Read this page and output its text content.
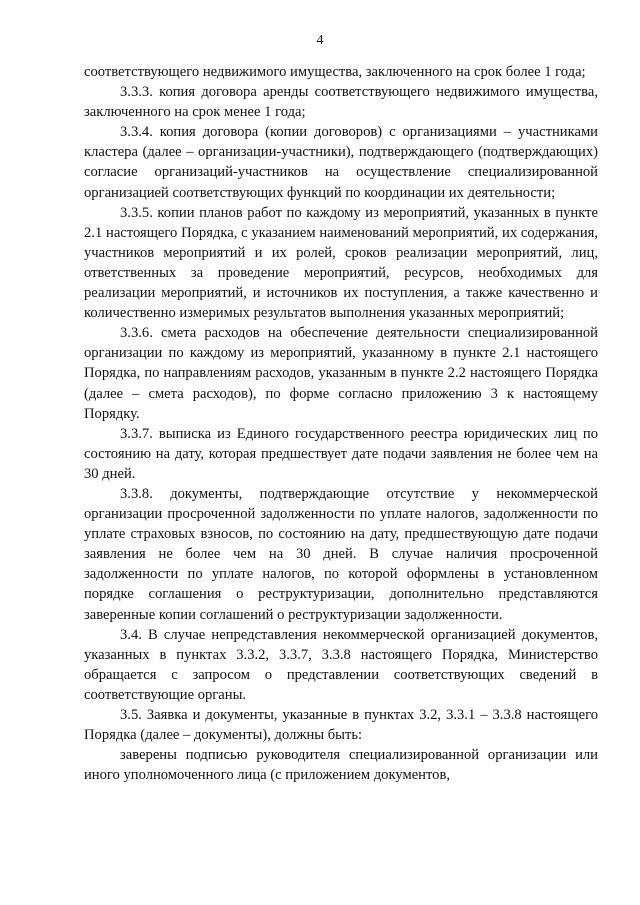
4

соответствующего недвижимого имущества, заключенного на срок более 1 года;

3.3.3. копия договора аренды соответствующего недвижимого имущества, заключенного на срок менее 1 года;

3.3.4. копия договора (копии договоров) с организациями – участниками кластера (далее – организации-участники), подтверждающего (подтверждающих) согласие организаций-участников на осуществление специализированной организацией соответствующих функций по координации их деятельности;

3.3.5. копии планов работ по каждому из мероприятий, указанных в пункте 2.1 настоящего Порядка, с указанием наименований мероприятий, их содержания, участников мероприятий и их ролей, сроков реализации мероприятий, лиц, ответственных за проведение мероприятий, ресурсов, необходимых для реализации мероприятий, и источников их поступления, а также качественно и количественно измеримых результатов выполнения указанных мероприятий;

3.3.6. смета расходов на обеспечение деятельности специализированной организации по каждому из мероприятий, указанному в пункте 2.1 настоящего Порядка, по направлениям расходов, указанным в пункте 2.2 настоящего Порядка (далее – смета расходов), по форме согласно приложению 3 к настоящему Порядку.

3.3.7. выписка из Единого государственного реестра юридических лиц по состоянию на дату, которая предшествует дате подачи заявления не более чем на 30 дней.

3.3.8. документы, подтверждающие отсутствие у некоммерческой организации просроченной задолженности по уплате налогов, задолженности по уплате страховых взносов, по состоянию на дату, предшествующую дате подачи заявления не более чем на 30 дней. В случае наличия просроченной задолженности по уплате налогов, по которой оформлены в установленном порядке соглашения о реструктуризации, дополнительно представляются заверенные копии соглашений о реструктуризации задолженности.

3.4. В случае непредставления некоммерческой организацией документов, указанных в пунктах 3.3.2, 3.3.7, 3.3.8 настоящего Порядка, Министерство обращается с запросом о представлении соответствующих сведений в соответствующие органы.

3.5. Заявка и документы, указанные в пунктах 3.2, 3.3.1 – 3.3.8 настоящего Порядка (далее – документы), должны быть:

заверены подписью руководителя специализированной организации или иного уполномоченного лица (с приложением документов,
